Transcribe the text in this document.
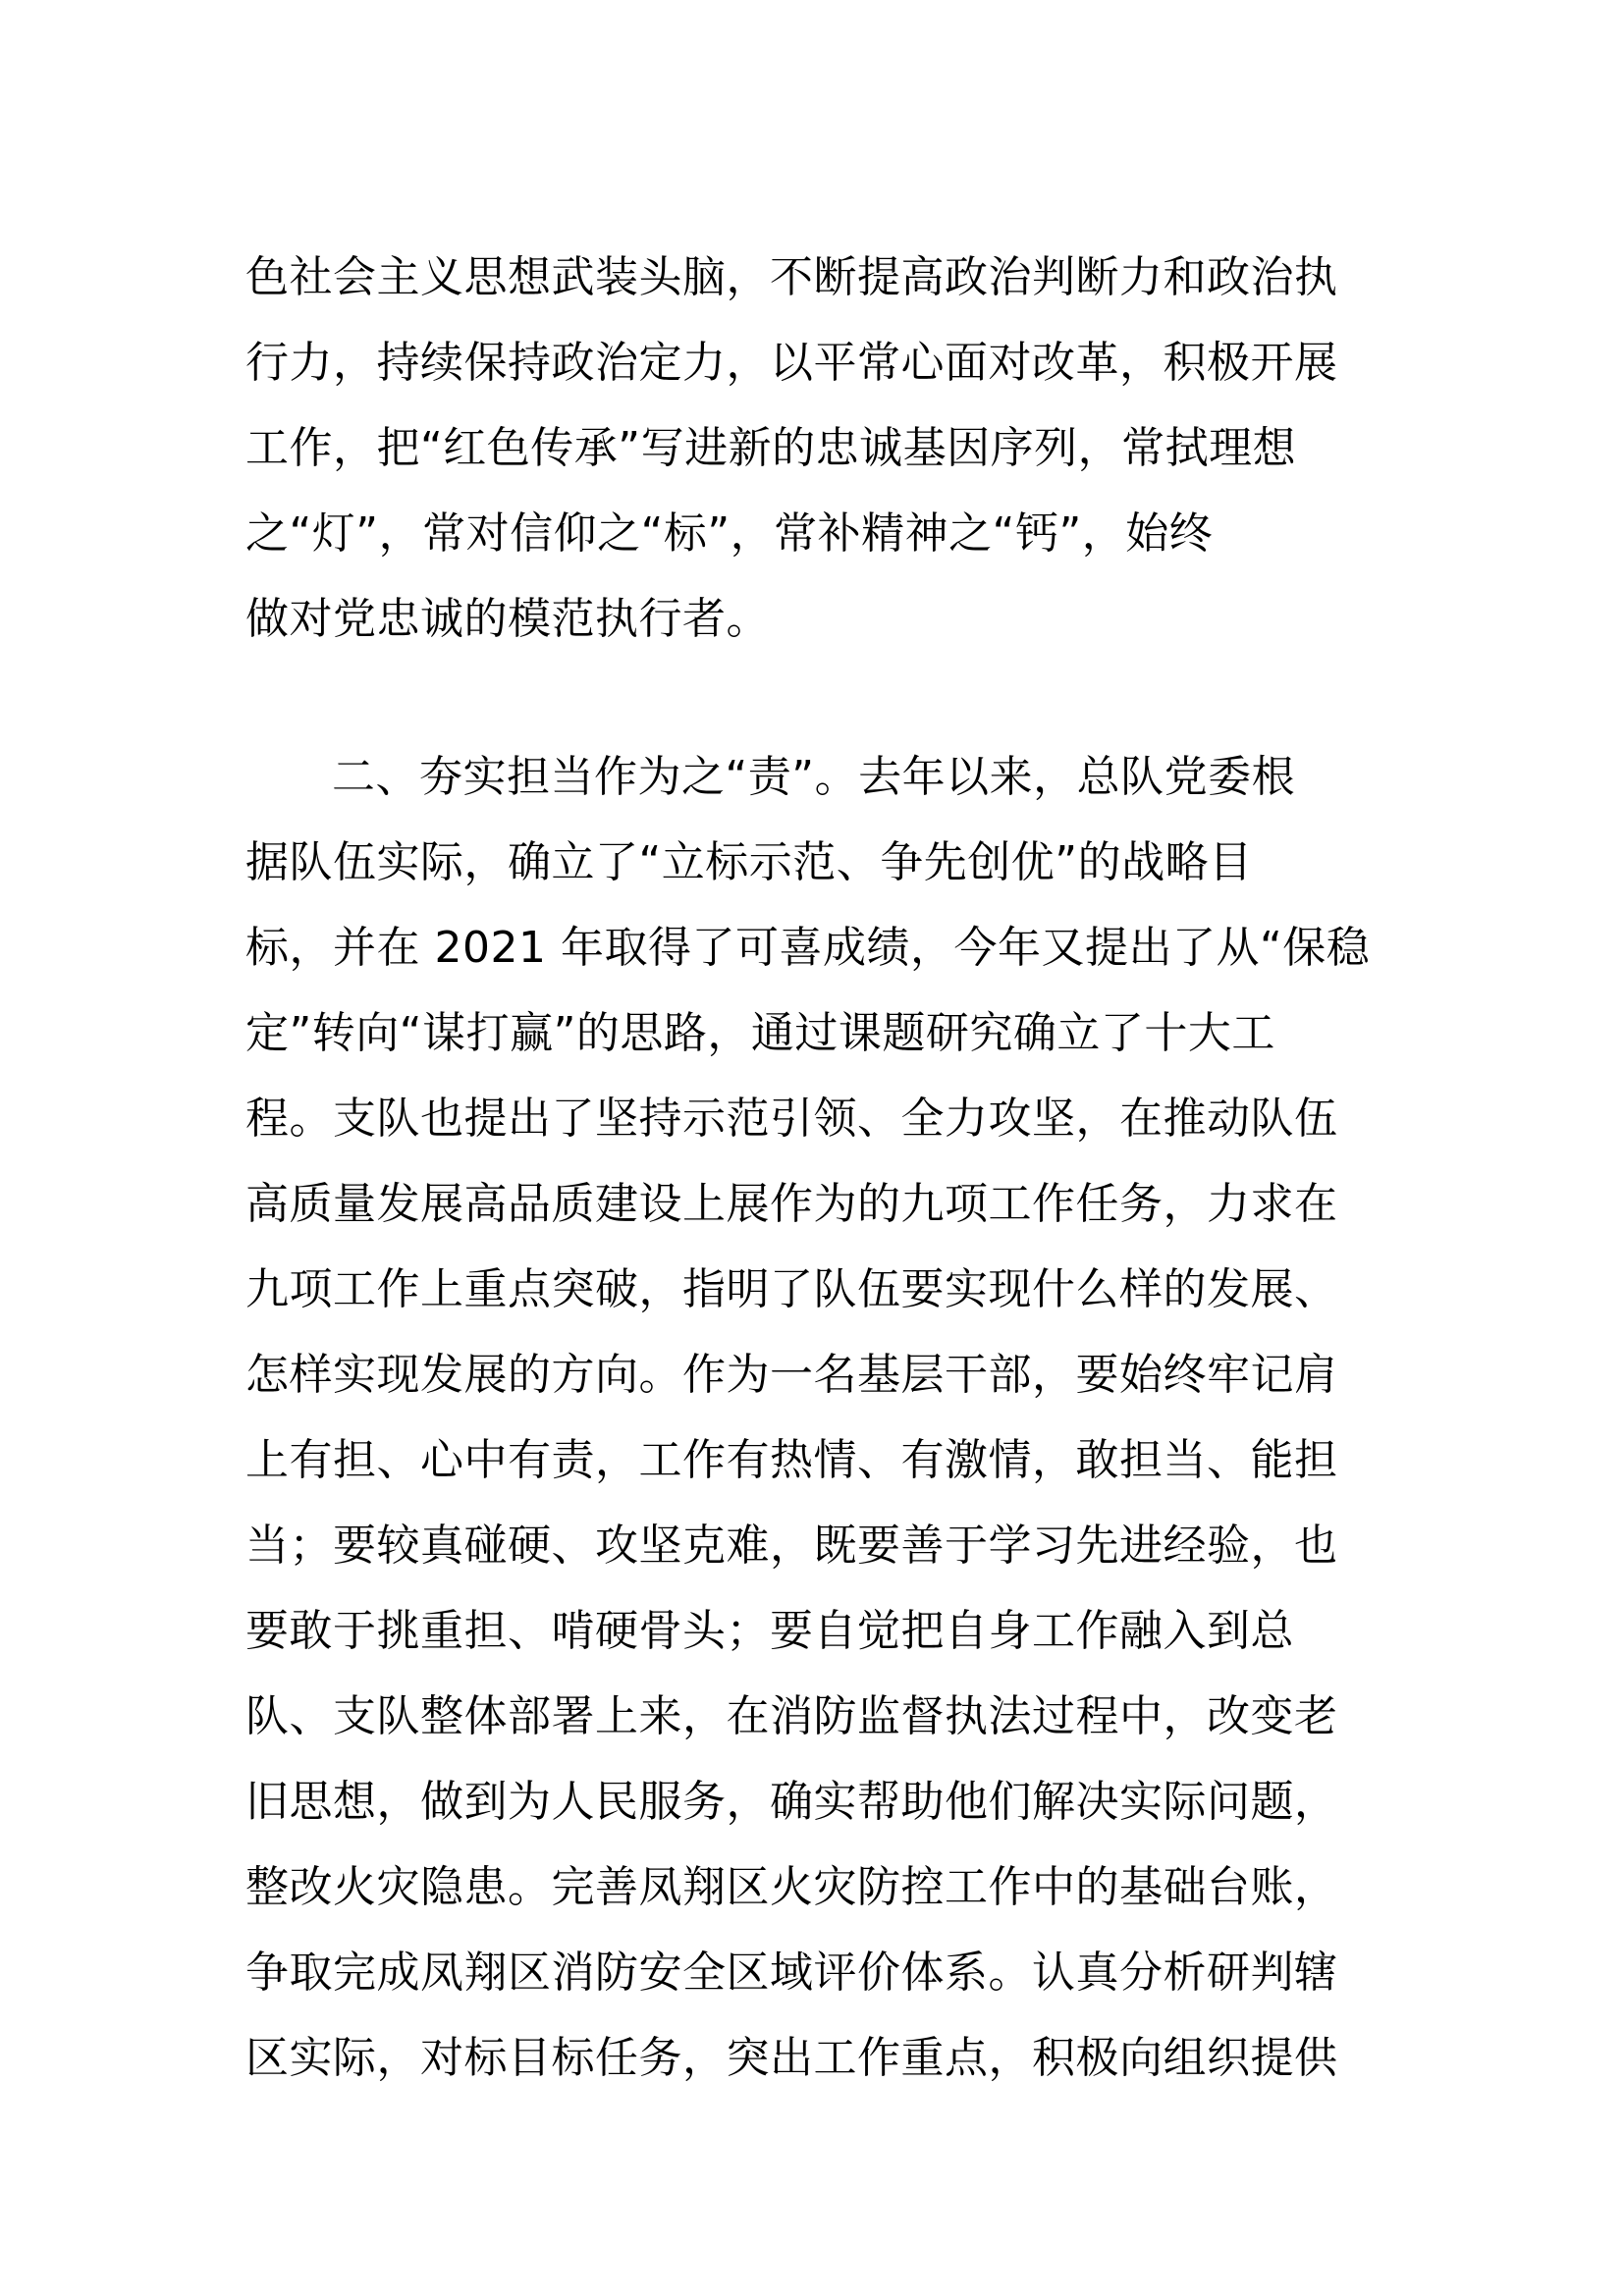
色社会主义思想武装头脑，不断提高政治判断力和政治执
行力，持续保持政治定力，以平常心面对改革，积极开展
工作，把“红色传承”写进新的忠诚基因序列，常拭理想
之“灯”，常对信仰之“标”，常补精神之“钙”，始终
做对党忠诚的模范执行者。
二、夯实担当作为之“责”。去年以来，总队党委根
据队伍实际，确立了“立标示范、争先创优”的战略目
标，并在 2021 年取得了可喜成绩，今年又提出了从“保稳
定”转向“谋打赢”的思路，通过课题研究确立了十大工
程。支队也提出了坚持示范引领、全力攻坚，在推动队伍
高质量发展高品质建设上展作为的九项工作任务，力求在
九项工作上重点突破，指明了队伍要实现什么样的发展、
怎样实现发展的方向。作为一名基层干部，要始终牢记肩
上有担、心中有责，工作有热情、有激情，敢担当、能担
当；要较真碰硬、攻坚克难，既要善于学习先进经验，也
要敢于挑重担、啃硬骨头；要自觉把自身工作融入到总
队、支队整体部署上来，在消防监督执法过程中，改变老
旧思想，做到为人民服务，确实帮助他们解决实际问题，
整改火灾隐患。完善凤翔区火灾防控工作中的基础台账，
争取完成凤翔区消防安全区域评价体系。认真分析研判辖
区实际，对标目标任务，突出工作重点，积极向组织提供
